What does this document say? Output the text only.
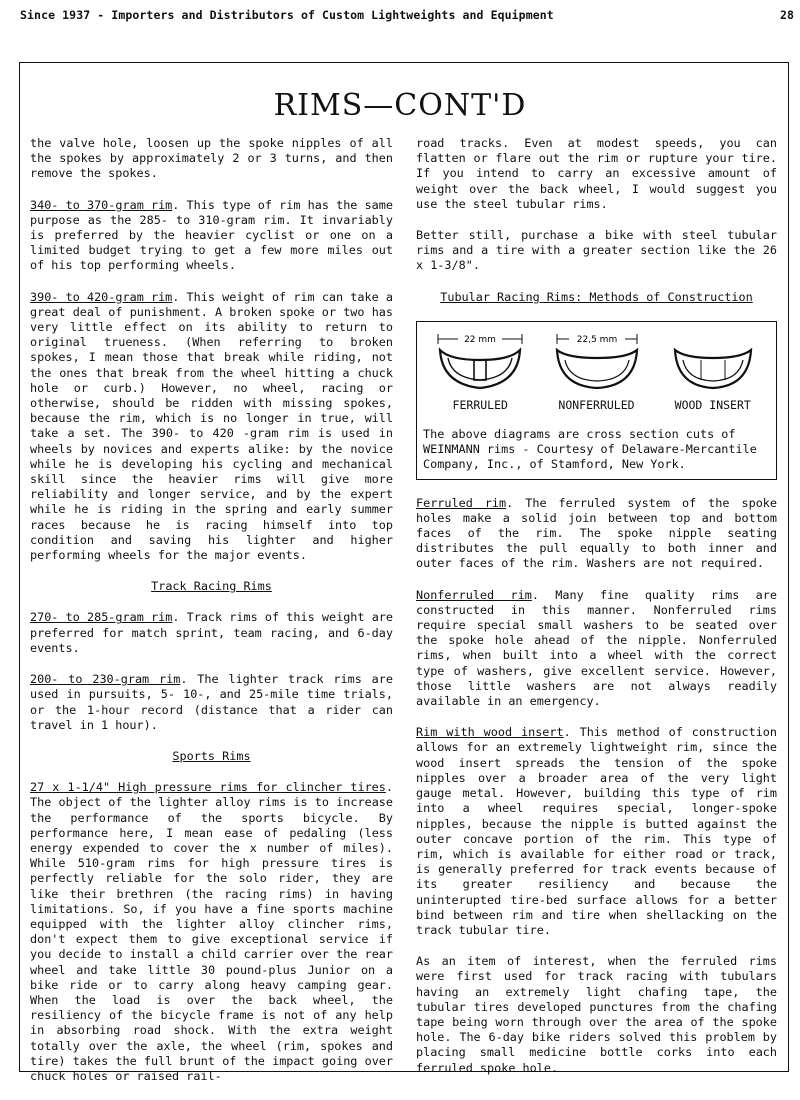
Since 1937 - Importers and Distributors of Custom Lightweights and Equipment	28
RIMS—CONT'D

the valve hole, loosen up the spoke nipples of all the spokes by approximately 2 or 3 turns, and then remove the spokes.

340- to 370-gram rim. This type of rim has the same purpose as the 285- to 310-gram rim. It invariably is preferred by the heavier cyclist or one on a limited budget trying to get a few more miles out of his top performing wheels.

390- to 420-gram rim. This weight of rim can take a great deal of punishment. A broken spoke or two has very little effect on its ability to return to original trueness. (When referring to broken spokes, I mean those that break while riding, not the ones that break from the wheel hitting a chuck hole or curb.) However, no wheel, racing or otherwise, should be ridden with missing spokes, because the rim, which is no longer in true, will take a set. The 390- to 420 -gram rim is used in wheels by novices and experts alike: by the novice while he is developing his cycling and mechanical skill since the heavier rims will give more reliability and longer service, and by the expert while he is riding in the spring and early summer races because he is racing himself into top condition and saving his lighter and higher performing wheels for the major events.

Track Racing Rims

270- to 285-gram rim. Track rims of this weight are preferred for match sprint, team racing, and 6-day events.

200- to 230-gram rim. The lighter track rims are used in pursuits, 5- 10-, and 25-mile time trials, or the 1-hour record (distance that a rider can travel in 1 hour).

Sports Rims

27 x 1-1/4" High pressure rims for clincher tires. The object of the lighter alloy rims is to increase the performance of the sports bicycle. By performance here, I mean ease of pedaling (less energy expended to cover the x number of miles). While 510-gram rims for high pressure tires is perfectly reliable for the solo rider, they are like their brethren (the racing rims) in having limitations. So, if you have a fine sports machine equipped with the lighter alloy clincher rims, don't expect them to give exceptional service if you decide to install a child carrier over the rear wheel and take little 30 pound-plus Junior on a bike ride or to carry along heavy camping gear. When the load is over the back wheel, the resiliency of the bicycle frame is not of any help in absorbing road shock. With the extra weight totally over the axle, the wheel (rim, spokes and tire) takes the full brunt of the impact going over chuck holes or raised rail-

road tracks. Even at modest speeds, you can flatten or flare out the rim or rupture your tire. If you intend to carry an excessive amount of weight over the back wheel, I would suggest you use the steel tubular rims.

Better still, purchase a bike with steel tubular rims and a tire with a greater section like the 26 x 1-3/8".

Tubular Racing Rims: Methods of Construction
22 mm
FERRULED
22,5 mm
NONFERRULED	WOOD INSERT
The above diagrams are cross section cuts of WEINMANN rims - Courtesy of Delaware-Mercantile Company, Inc., of Stamford, New York.

Ferruled rim. The ferruled system of the spoke holes make a solid join between top and bottom faces of the rim. The spoke nipple seating distributes the pull equally to both inner and outer faces of the rim. Washers are not required.

Nonferruled rim. Many fine quality rims are constructed in this manner. Nonferruled rims require special small washers to be seated over the spoke hole ahead of the nipple. Nonferruled rims, when built into a wheel with the correct type of washers, give excellent service. However, those little washers are not always readily available in an emergency.

Rim with wood insert. This method of construction allows for an extremely lightweight rim, since the wood insert spreads the tension of the spoke nipples over a broader area of the very light gauge metal. However, building this type of rim into a wheel requires special, longer-spoke nipples, because the nipple is butted against the outer concave portion of the rim. This type of rim, which is available for either road or track, is generally preferred for track events because of its greater resiliency and because the uninterupted tire-bed surface allows for a better bind between rim and tire when shellacking on the track tubular tire.

As an item of interest, when the ferruled rims were first used for track racing with tubulars having an extremely light chafing tape, the tubular tires developed punctures from the chafing tape being worn through over the area of the spoke hole. The 6-day bike riders solved this problem by placing small medicine bottle corks into each ferruled spoke hole.
